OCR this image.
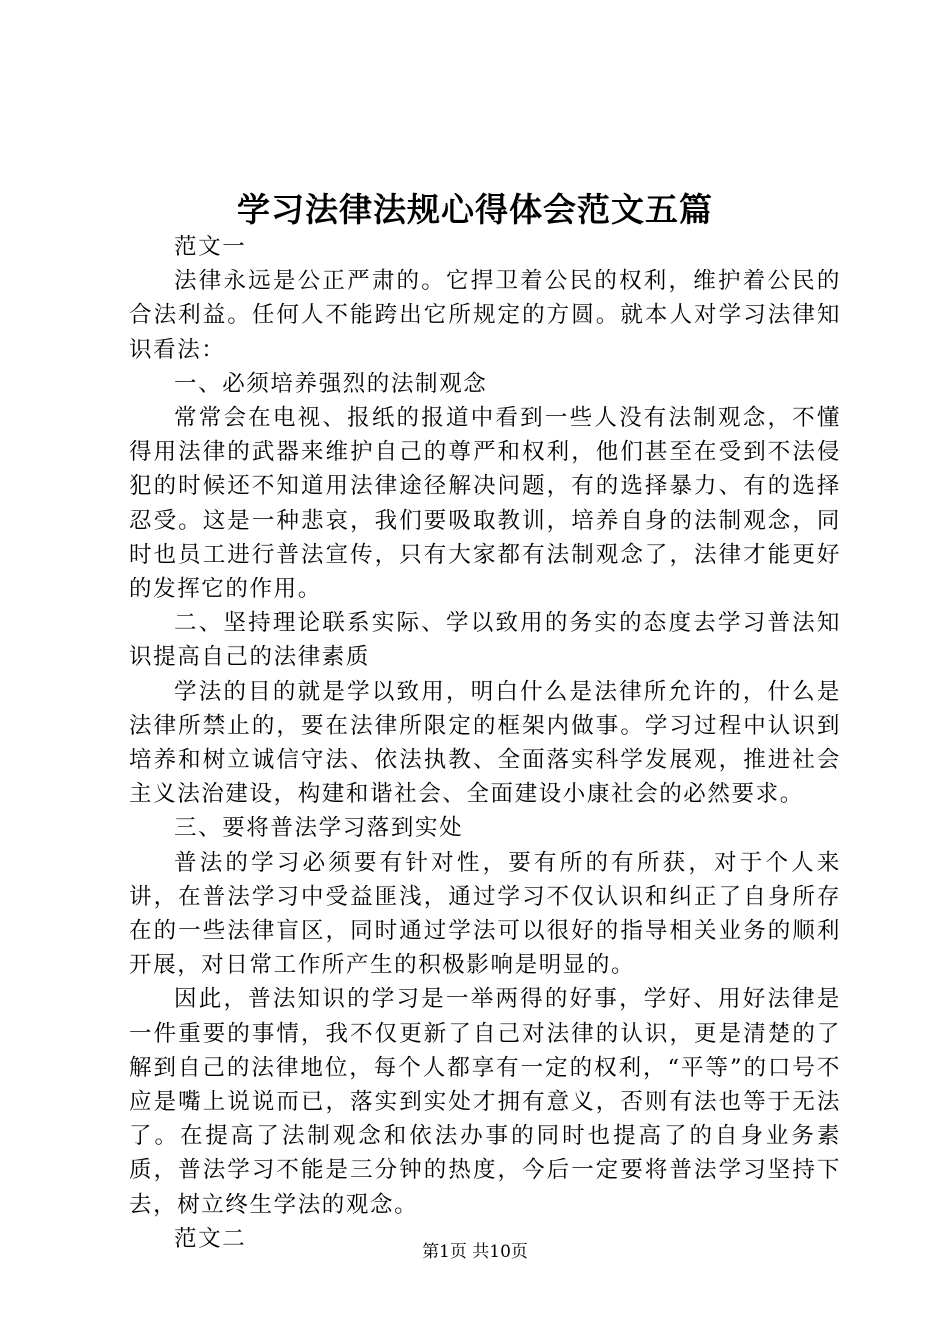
学习法律法规心得体会范文五篇

范文一

法律永远是公正严肃的。它捍卫着公民的权利，维护着公民的合法利益。任何人不能跨出它所规定的方圆。就本人对学习法律知识看法：

一、必须培养强烈的法制观念

常常会在电视、报纸的报道中看到一些人没有法制观念，不懂得用法律的武器来维护自己的尊严和权利，他们甚至在受到不法侵犯的时候还不知道用法律途径解决问题，有的选择暴力、有的选择忍受。这是一种悲哀，我们要吸取教训，培养自身的法制观念，同时也员工进行普法宣传，只有大家都有法制观念了，法律才能更好的发挥它的作用。

二、坚持理论联系实际、学以致用的务实的态度去学习普法知识提高自己的法律素质

学法的目的就是学以致用，明白什么是法律所允许的，什么是法律所禁止的，要在法律所限定的框架内做事。学习过程中认识到培养和树立诚信守法、依法执教、全面落实科学发展观，推进社会主义法治建设，构建和谐社会、全面建设小康社会的必然要求。

三、要将普法学习落到实处

普法的学习必须要有针对性，要有所的有所获，对于个人来讲，在普法学习中受益匪浅，通过学习不仅认识和纠正了自身所存在的一些法律盲区，同时通过学法可以很好的指导相关业务的顺利开展，对日常工作所产生的积极影响是明显的。

因此，普法知识的学习是一举两得的好事，学好、用好法律是一件重要的事情，我不仅更新了自己对法律的认识，更是清楚的了解到自己的法律地位，每个人都享有一定的权利，“平等”的口号不应是嘴上说说而已，落实到实处才拥有意义，否则有法也等于无法了。在提高了法制观念和依法办事的同时也提高了的自身业务素质，普法学习不能是三分钟的热度，今后一定要将普法学习坚持下去，树立终生学法的观念。

范文二

第1页 共10页
